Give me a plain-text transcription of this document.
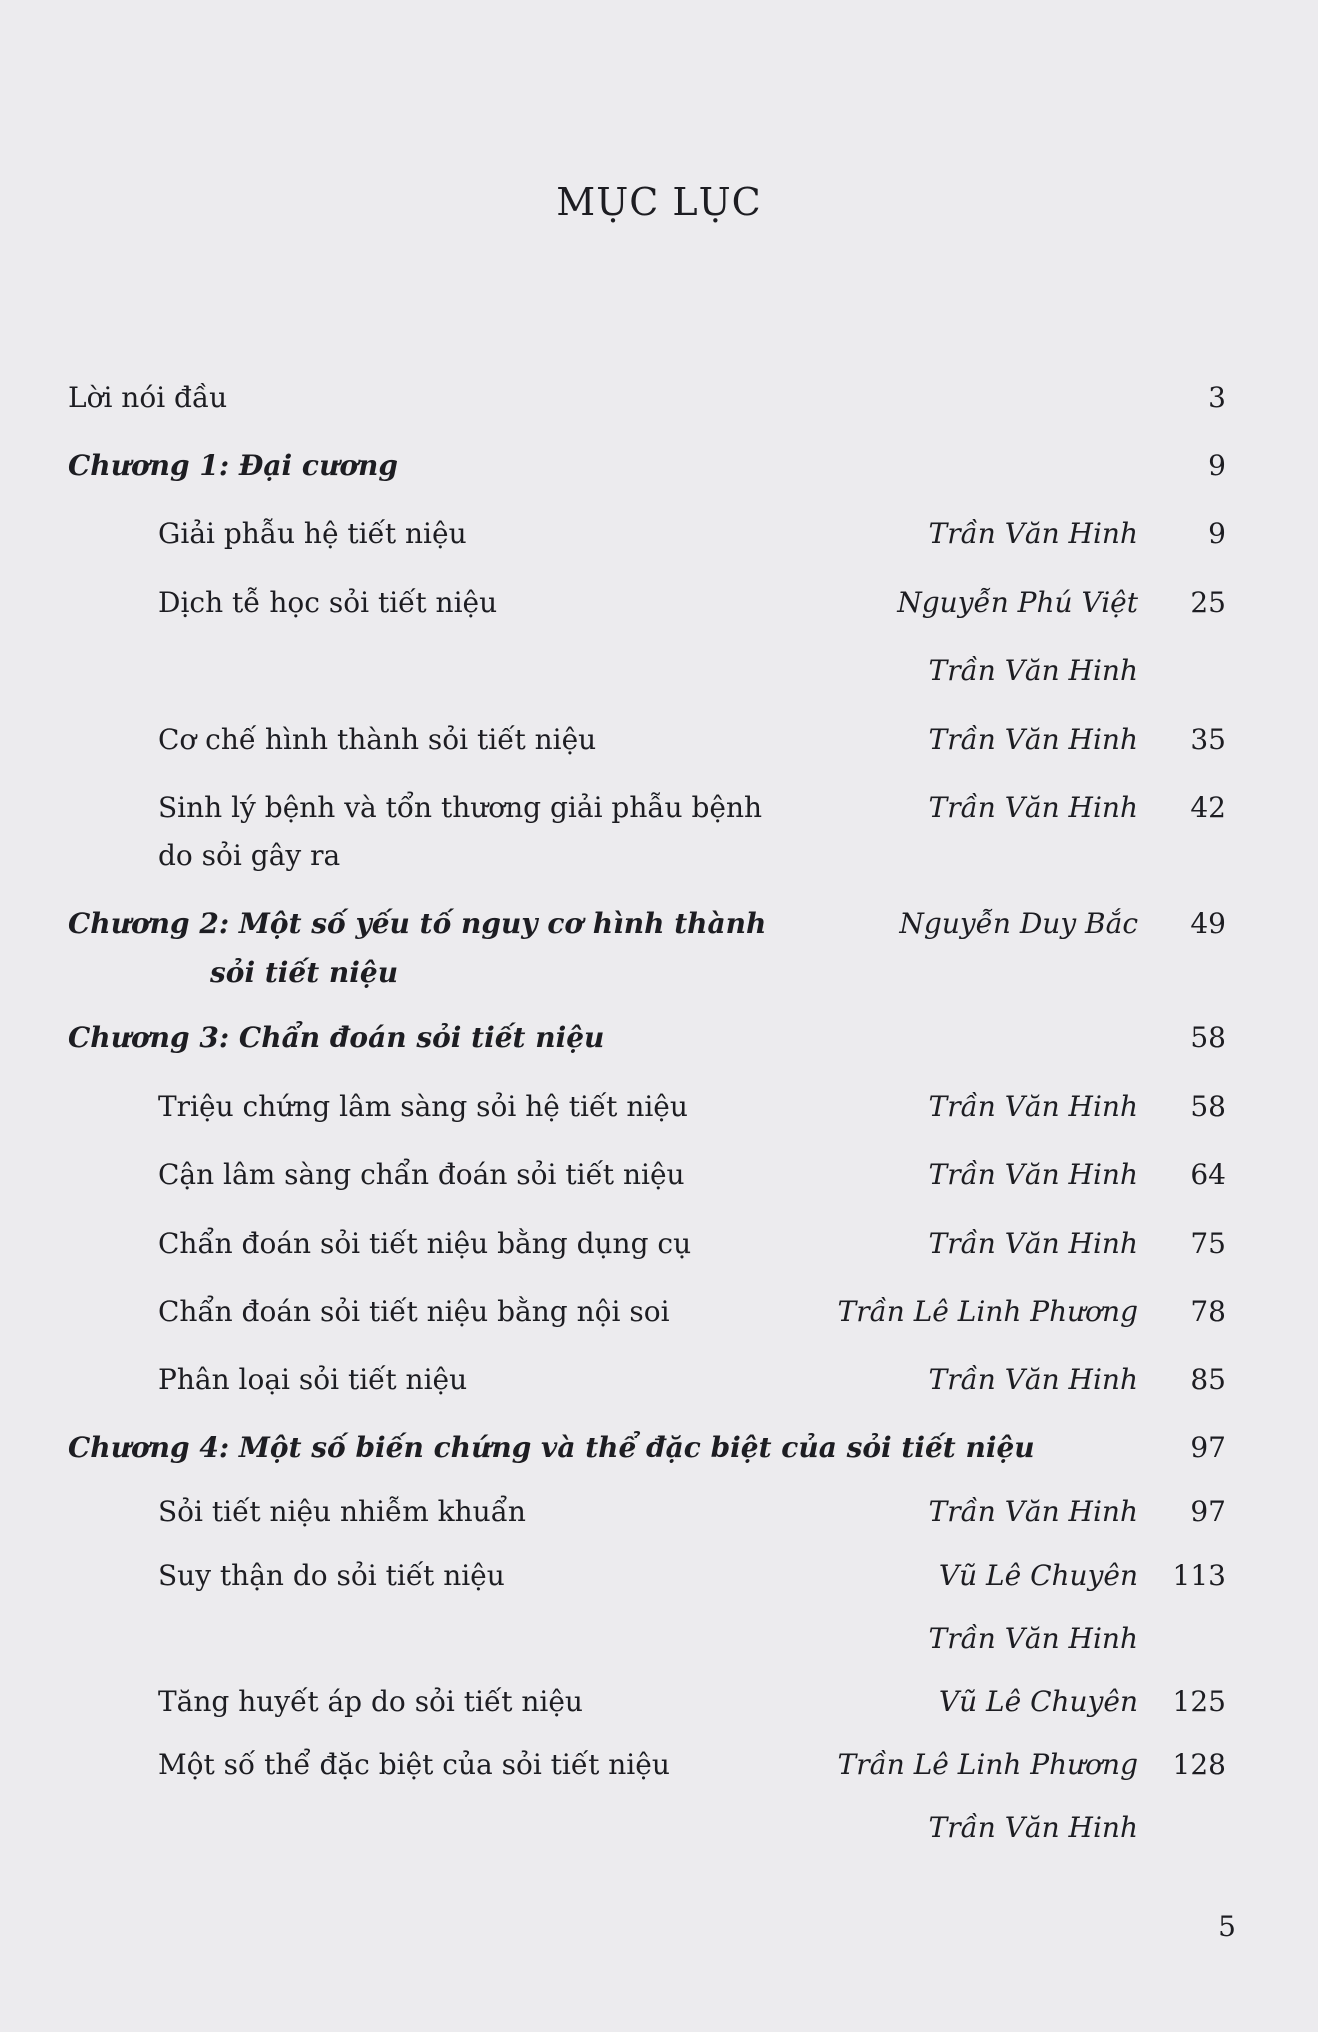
MỤC LỤC
Lời nói đầu	3
Chương 1: Đại cương	9
Giải phẫu hệ tiết niệu	Trần Văn Hinh	9
Dịch tễ học sỏi tiết niệu	Nguyễn Phú Việt 25
Trần Văn Hinh
Cơ chế hình thành sỏi tiết niệu	Trần Văn Hinh 35
Sinh lý bệnh và tổn thương giải phẫu bệnh	Trần Văn Hinh 42
do sỏi gây ra
Chương 2: Một số yếu tố nguy cơ hình thành	Nguyễn Duy Bắc 49
sỏi tiết niệu
Chương 3: Chẩn đoán sỏi tiết niệu	58
Triệu chứng lâm sàng sỏi hệ tiết niệu	Trần Văn Hinh 58
Cận lâm sàng chẩn đoán sỏi tiết niệu	Trần Văn Hinh 64
Chẩn đoán sỏi tiết niệu bằng dụng cụ	Trần Văn Hinh 75
Chẩn đoán sỏi tiết niệu bằng nội soi	Trần Lê Linh Phương 78
Phân loại sỏi tiết niệu	Trần Văn Hinh 85
Chương 4: Một số biến chứng và thể đặc biệt của sỏi tiết niệu	97
Sỏi tiết niệu nhiễm khuẩn	Trần Văn Hinh 97
Suy thận do sỏi tiết niệu	Vũ Lê Chuyên 113
Trần Văn Hinh
Tăng huyết áp do sỏi tiết niệu	Vũ Lê Chuyên 125
Một số thể đặc biệt của sỏi tiết niệu	Trần Lê Linh Phương 128
Trần Văn Hinh
5
